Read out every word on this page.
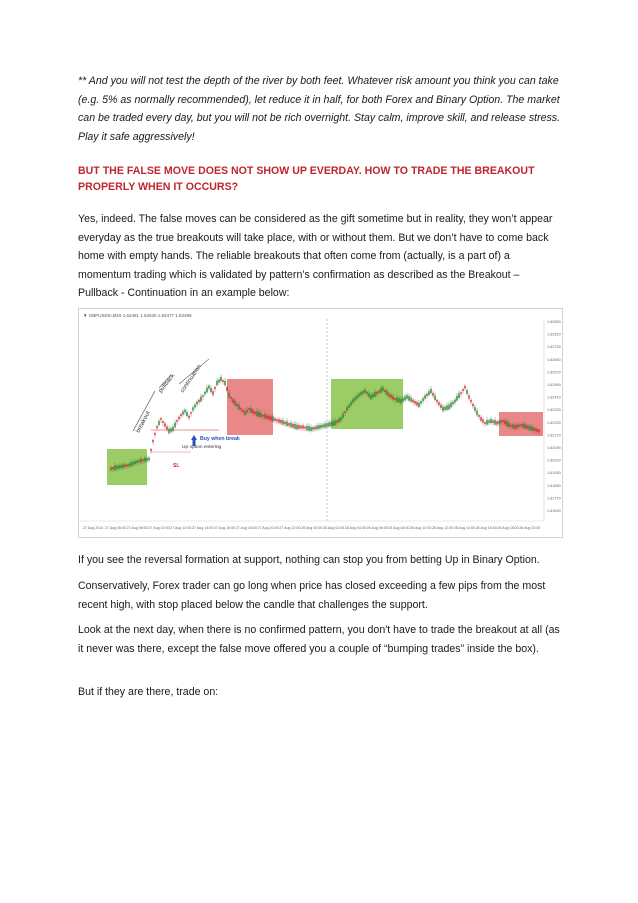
** And you will not test the depth of the river by both feet. Whatever risk amount you think you can take (e.g. 5% as normally recommended), let reduce it in half, for both Forex and Binary Option. The market can be traded every day, but you will not be rich overnight. Stay calm, improve skill, and release stress. Play it safe aggressively!

BUT THE FALSE MOVE DOES NOT SHOW UP EVERDAY. HOW TO TRADE THE BREAKOUT PROPERLY WHEN IT OCCURS?

Yes, indeed. The false moves can be considered as the gift sometime but in reality, they won’t appear everyday as the true breakouts will take place, with or without them. But we don’t have to come back home with empty hands. The reliable breakouts that often come from (actually, is a part of) a momentum trading which is validated by pattern’s confirmation as described as the Breakout – Pullback - Continuation in an example below:

▼ GBPUSDm,M15 1.62481 1.62530 1.62477 1.62489
breakout
pullback continuation
Buy when break
Up option entering
SL
1.62890
1.62810
1.62730
1.62650
1.62570
1.62490
1.62410
1.62330
1.62250
1.62170
1.62090
1.62010
1.61930
1.61850
1.61770
1.61690
27 Aug 2014 27 Aug 06:00 27 Aug 08:00 27 Aug 10:00 27 Aug 12:00 27 Aug 14:00 27 Aug 16:00 27 Aug 18:00 27 Aug 20:00 27 Aug 22:00 28 Aug 00:00 28 Aug 02:00 28 Aug 04:00 28 Aug 06:00 28 Aug 08:00 28 Aug 10:00 28 Aug 12:00 28 Aug 14:00 28 Aug 16:00 28 Aug 18:00 28 Aug 20:00

If you see the reversal formation at support, nothing can stop you from betting Up in Binary Option.

Conservatively, Forex trader can go long when price has closed exceeding a few pips from the most recent high, with stop placed below the candle that challenges the support.

Look at the next day, when there is no confirmed pattern, you don't have to trade the breakout at all (as it never was there, except the false move offered you a couple of “bumping trades” inside the box).

But if they are there, trade on:
